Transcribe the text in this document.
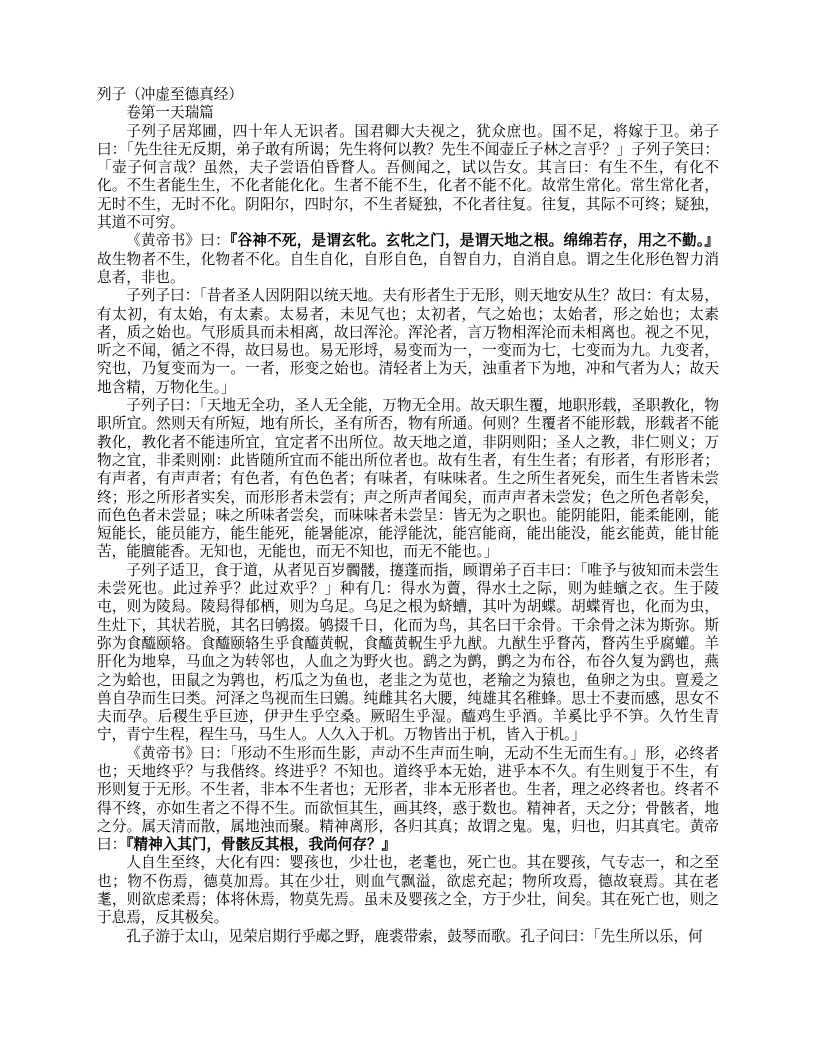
列子（冲虚至德真经）

卷第一天瑞篇

子列子居郑圃，四十年人无识者。国君卿大夫视之，犹众庶也。国不足，将嫁于卫。弟子曰：「先生往无反期，弟子敢有所谒；先生将何以教？先生不闻壶丘子林之言乎？」子列子笑曰：「壶子何言哉？虽然，夫子尝语伯昏瞀人。吾侧闻之，试以告女。其言曰：有生不生，有化不化。不生者能生生，不化者能化化。生者不能不生，化者不能不化。故常生常化。常生常化者，无时不生，无时不化。阴阳尔，四时尔，不生者疑独，不化者往复。往复，其际不可终；疑独，其道不可穷。

《黄帝书》曰：『谷神不死，是谓玄牝。玄牝之门，是谓天地之根。绵绵若存，用之不勤。』故生物者不生，化物者不化。自生自化，自形自色，自智自力，自消自息。谓之生化形色智力消息者，非也。

子列子曰：「昔者圣人因阴阳以统天地。夫有形者生于无形，则天地安从生？故曰：有太易，有太初，有太始，有太素。太易者，未见气也；太初者，气之始也；太始者，形之始也；太素者，质之始也。气形质具而未相离，故曰浑沦。浑沦者，言万物相浑沦而未相离也。视之不见，听之不闻，循之不得，故曰易也。易无形埒，易变而为一，一变而为七，七变而为九。九变者，究也，乃复变而为一。一者，形变之始也。清轻者上为天，浊重者下为地，冲和气者为人；故天地含精，万物化生。」

子列子曰：「天地无全功，圣人无全能，万物无全用。故天职生覆，地职形载，圣职教化，物职所宜。然则天有所短，地有所长，圣有所否，物有所通。何则？生覆者不能形载，形载者不能教化，教化者不能违所宜，宜定者不出所位。故天地之道，非阴则阳；圣人之教，非仁则义；万物之宜，非柔则刚：此皆随所宜而不能出所位者也。故有生者，有生生者；有形者，有形形者；有声者，有声声者；有色者，有色色者；有味者，有味味者。生之所生者死矣，而生生者皆未尝终；形之所形者实矣，而形形者未尝有；声之所声者闻矣，而声声者未尝发；色之所色者彰矣，而色色者未尝显；味之所味者尝矣，而味味者未尝呈：皆无为之职也。能阴能阳，能柔能刚，能短能长，能员能方，能生能死，能暑能凉，能浮能沈，能宫能商，能出能没，能玄能黄，能甘能苦，能膻能香。无知也，无能也，而无不知也，而无不能也。」

子列子适卫，食于道，从者见百岁髑髅，攓蓬而指，顾谓弟子百丰曰：「唯予与彼知而未尝生未尝死也。此过养乎？此过欢乎？」种有几：得水为藚，得水土之际，则为蛙蠙之衣。生于陵屯，则为陵舄。陵舄得郁栖，则为乌足。乌足之根为蛴螬，其叶为胡蝶。胡蝶胥也，化而为虫，生灶下，其状若脱，其名曰鸲掇。鸲掇千日，化而为鸟，其名曰干余骨。干余骨之沫为斯弥。斯弥为食醯颐辂。食醯颐辂生乎食醯黄軦，食醯黄軦生乎九猷。九猷生乎瞀芮，瞀芮生乎腐蠸。羊肝化为地皋，马血之为转邻也，人血之为野火也。鹞之为鹯，鹯之为布谷，布谷久复为鹞也，燕之为蛤也，田鼠之为鹑也，朽瓜之为鱼也，老韭之为苋也，老羭之为猿也，鱼卵之为虫。亶爰之兽自孕而生曰类。河泽之鸟视而生曰鶂。纯雌其名大腰，纯雄其名稚蜂。思士不妻而感，思女不夫而孕。后稷生乎巨迹，伊尹生乎空桑。厥昭生乎湿。醯鸡生乎酒。羊奚比乎不笋。久竹生青宁，青宁生程，程生马，马生人。人久入于机。万物皆出于机，皆入于机。」

《黄帝书》曰：「形动不生形而生影，声动不生声而生响，无动不生无而生有。」形，必终者也；天地终乎？与我偕终。终进乎？不知也。道终乎本无始，进乎本不久。有生则复于不生，有形则复于无形。不生者，非本不生者也；无形者，非本无形者也。生者，理之必终者也。终者不得不终，亦如生者之不得不生。而欲恒其生，画其终，惑于数也。精神者，天之分；骨骸者，地之分。属天清而散，属地浊而聚。精神离形，各归其真；故谓之鬼。鬼，归也，归其真宅。黄帝曰：『精神入其门，骨骸反其根，我尚何存？』

人自生至终，大化有四：婴孩也，少壮也，老耄也，死亡也。其在婴孩，气专志一，和之至也；物不伤焉，德莫加焉。其在少壮，则血气飘溢，欲虑充起；物所攻焉，德故衰焉。其在老耄，则欲虑柔焉；体将休焉，物莫先焉。虽未及婴孩之全，方于少壮，间矣。其在死亡也，则之于息焉，反其极矣。

孔子游于太山，见荣启期行乎郕之野，鹿裘带索，鼓琴而歌。孔子问曰：「先生所以乐，何
